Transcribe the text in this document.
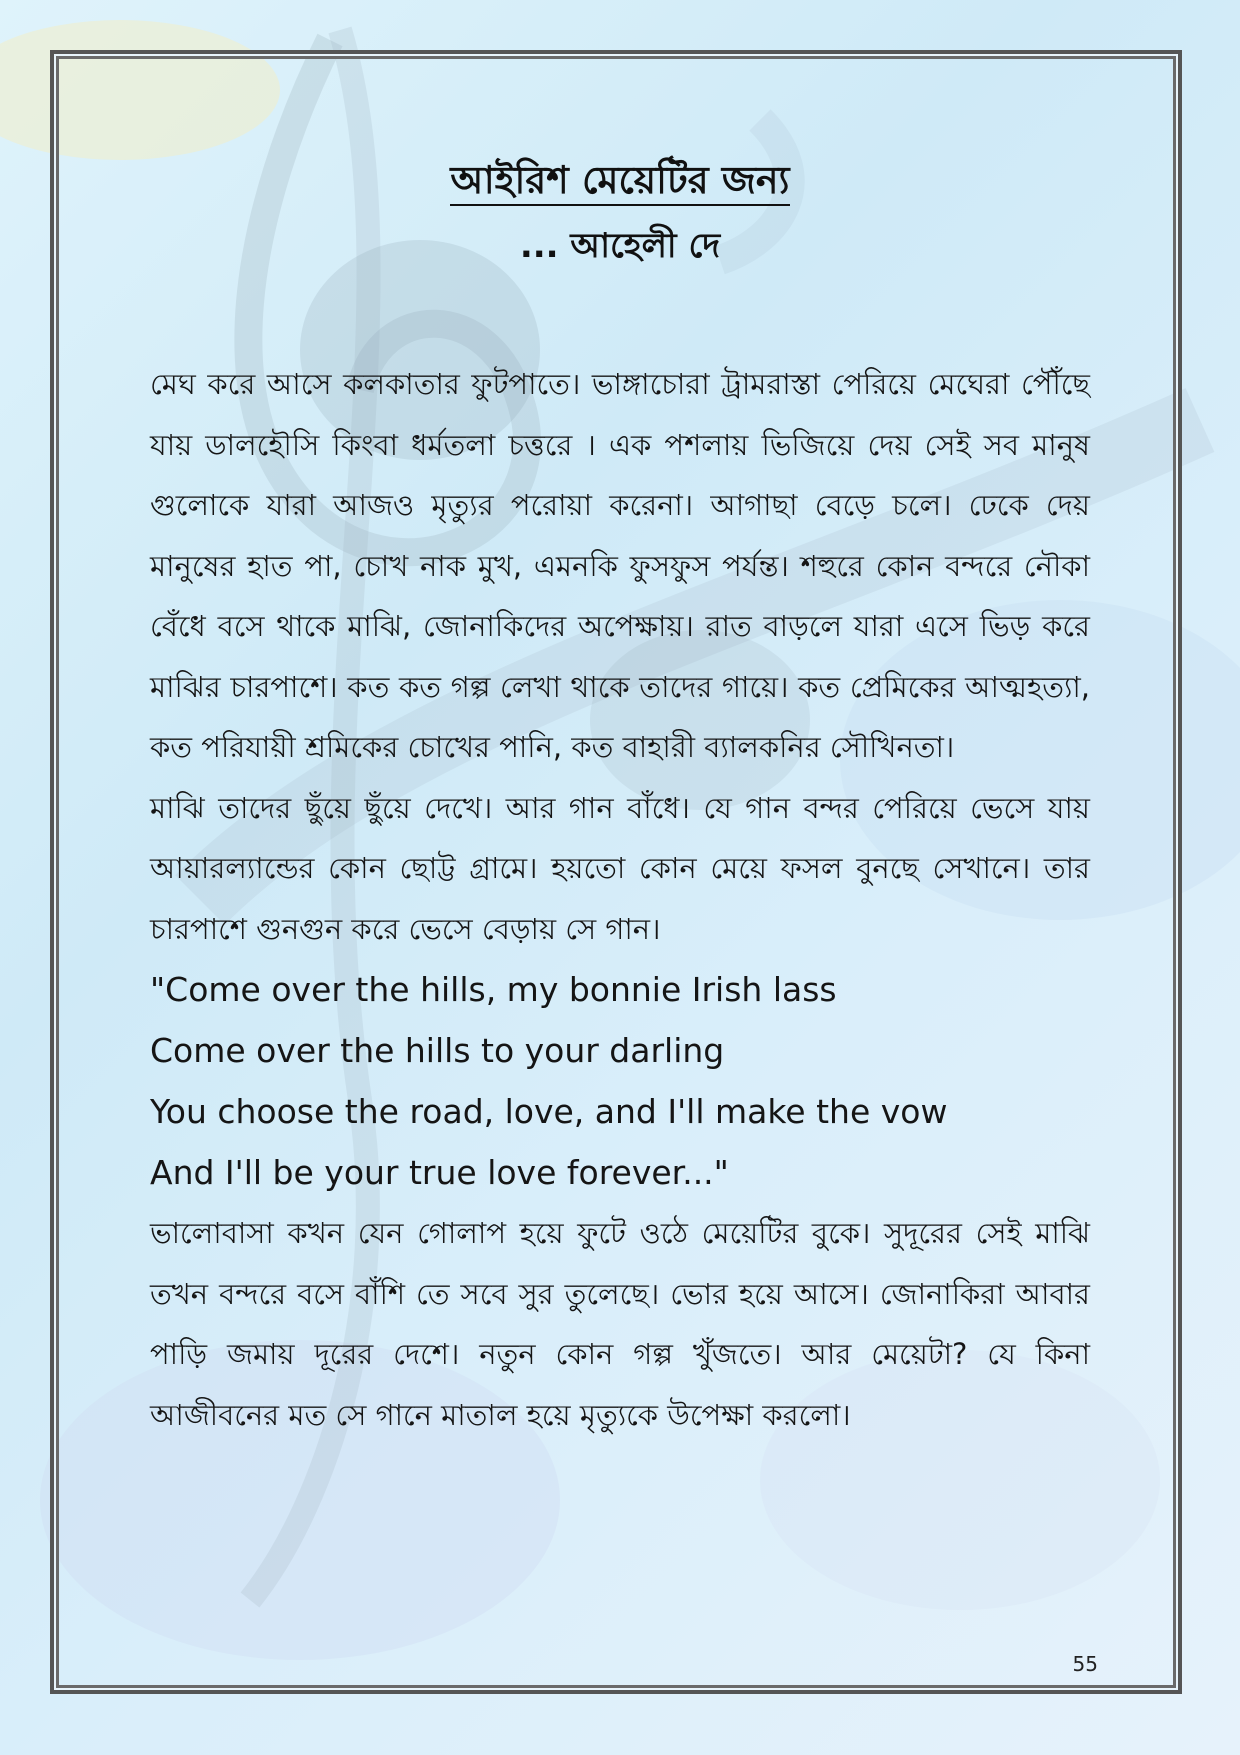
আইরিশ মেয়েটির জন্য
... আহেলী দে

মেঘ করে আসে কলকাতার ফুটপাতে। ভাঙ্গাচোরা ট্রামরাস্তা পেরিয়ে মেঘেরা পৌঁছে যায় ডালহৌসি কিংবা ধর্মতলা চত্তরে । এক পশলায় ভিজিয়ে দেয় সেই সব মানুষ গুলোকে যারা আজও মৃত্যুর পরোয়া করেনা। আগাছা বেড়ে চলে। ঢেকে দেয় মানুষের হাত পা, চোখ নাক মুখ, এমনকি ফুসফুস পর্যন্ত। শহুরে কোন বন্দরে নৌকা বেঁধে বসে থাকে মাঝি, জোনাকিদের অপেক্ষায়। রাত বাড়লে যারা এসে ভিড় করে মাঝির চারপাশে। কত কত গল্প লেখা থাকে তাদের গায়ে। কত প্রেমিকের আত্মহত্যা, কত পরিযায়ী শ্রমিকের চোখের পানি, কত বাহারী ব্যালকনির সৌখিনতা।

মাঝি তাদের ছুঁয়ে ছুঁয়ে দেখে। আর গান বাঁধে। যে গান বন্দর পেরিয়ে ভেসে যায় আয়ারল্যান্ডের কোন ছোট্ট গ্রামে। হয়তো কোন মেয়ে ফসল বুনছে সেখানে। তার চারপাশে গুনগুন করে ভেসে বেড়ায় সে গান।

"Come over the hills, my bonnie Irish lass

Come over the hills to your darling

You choose the road, love, and I'll make the vow

And I'll be your true love forever..."

ভালোবাসা কখন যেন গোলাপ হয়ে ফুটে ওঠে মেয়েটির বুকে। সুদূরের সেই মাঝি তখন বন্দরে বসে বাঁশি তে সবে সুর তুলেছে। ভোর হয়ে আসে। জোনাকিরা আবার পাড়ি জমায় দূরের দেশে। নতুন কোন গল্প খুঁজতে। আর মেয়েটা? যে কিনা আজীবনের মত সে গানে মাতাল হয়ে মৃত্যুকে উপেক্ষা করলো।

55
